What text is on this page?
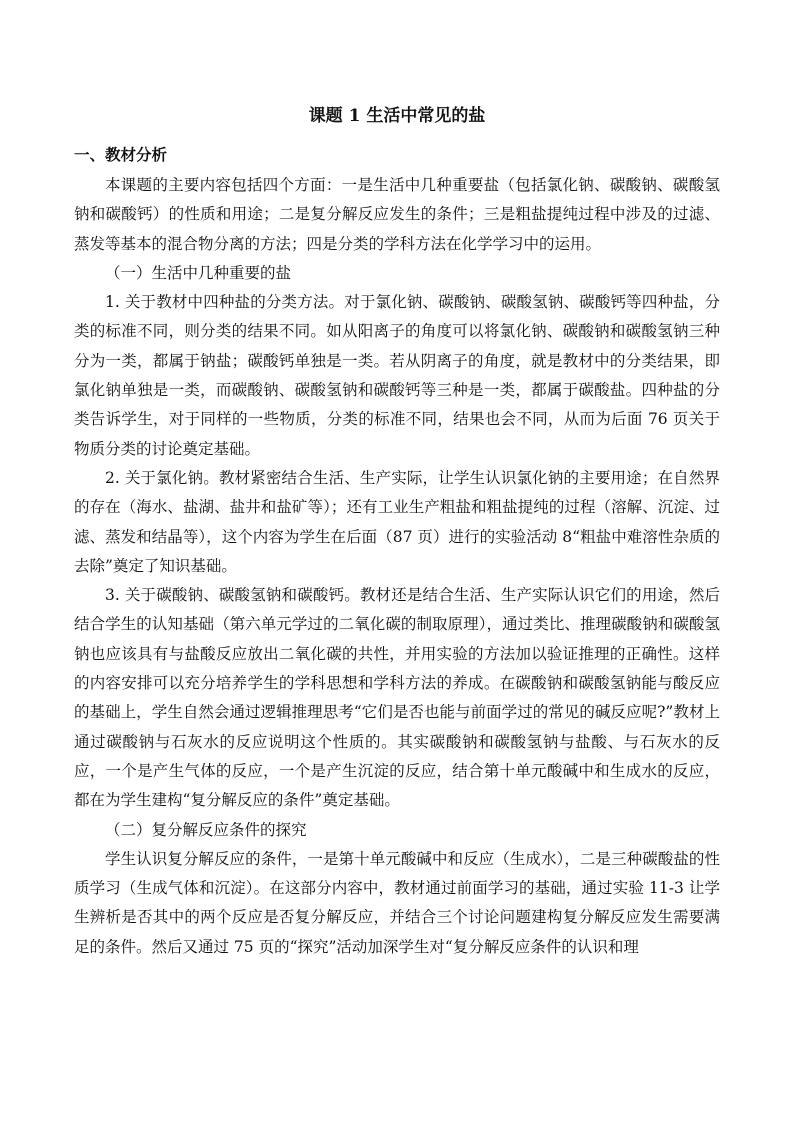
课题 1 生活中常见的盐
一、教材分析

本课题的主要内容包括四个方面：一是生活中几种重要盐（包括氯化钠、碳酸钠、碳酸氢钠和碳酸钙）的性质和用途；二是复分解反应发生的条件；三是粗盐提纯过程中涉及的过滤、蒸发等基本的混合物分离的方法；四是分类的学科方法在化学学习中的运用。

（一）生活中几种重要的盐

1. 关于教材中四种盐的分类方法。对于氯化钠、碳酸钠、碳酸氢钠、碳酸钙等四种盐，分类的标准不同，则分类的结果不同。如从阳离子的角度可以将氯化钠、碳酸钠和碳酸氢钠三种分为一类，都属于钠盐；碳酸钙单独是一类。若从阴离子的角度，就是教材中的分类结果，即氯化钠单独是一类，而碳酸钠、碳酸氢钠和碳酸钙等三种是一类，都属于碳酸盐。四种盐的分类告诉学生，对于同样的一些物质，分类的标准不同，结果也会不同，从而为后面 76 页关于物质分类的讨论奠定基础。

2. 关于氯化钠。教材紧密结合生活、生产实际，让学生认识氯化钠的主要用途；在自然界的存在（海水、盐湖、盐井和盐矿等）；还有工业生产粗盐和粗盐提纯的过程（溶解、沉淀、过滤、蒸发和结晶等），这个内容为学生在后面（87 页）进行的实验活动 8“粗盐中难溶性杂质的去除”奠定了知识基础。

3. 关于碳酸钠、碳酸氢钠和碳酸钙。教材还是结合生活、生产实际认识它们的用途，然后结合学生的认知基础（第六单元学过的二氧化碳的制取原理），通过类比、推理碳酸钠和碳酸氢钠也应该具有与盐酸反应放出二氧化碳的共性，并用实验的方法加以验证推理的正确性。这样的内容安排可以充分培养学生的学科思想和学科方法的养成。在碳酸钠和碳酸氢钠能与酸反应的基础上，学生自然会通过逻辑推理思考“它们是否也能与前面学过的常见的碱反应呢?”教材上通过碳酸钠与石灰水的反应说明这个性质的。其实碳酸钠和碳酸氢钠与盐酸、与石灰水的反应，一个是产生气体的反应，一个是产生沉淀的反应，结合第十单元酸碱中和生成水的反应，都在为学生建构“复分解反应的条件”奠定基础。

（二）复分解反应条件的探究

学生认识复分解反应的条件，一是第十单元酸碱中和反应（生成水），二是三种碳酸盐的性质学习（生成气体和沉淀）。在这部分内容中，教材通过前面学习的基础，通过实验 11-3 让学生辨析是否其中的两个反应是否复分解反应，并结合三个讨论问题建构复分解反应发生需要满足的条件。然后又通过 75 页的“探究”活动加深学生对“复分解反应条件的认识和理
